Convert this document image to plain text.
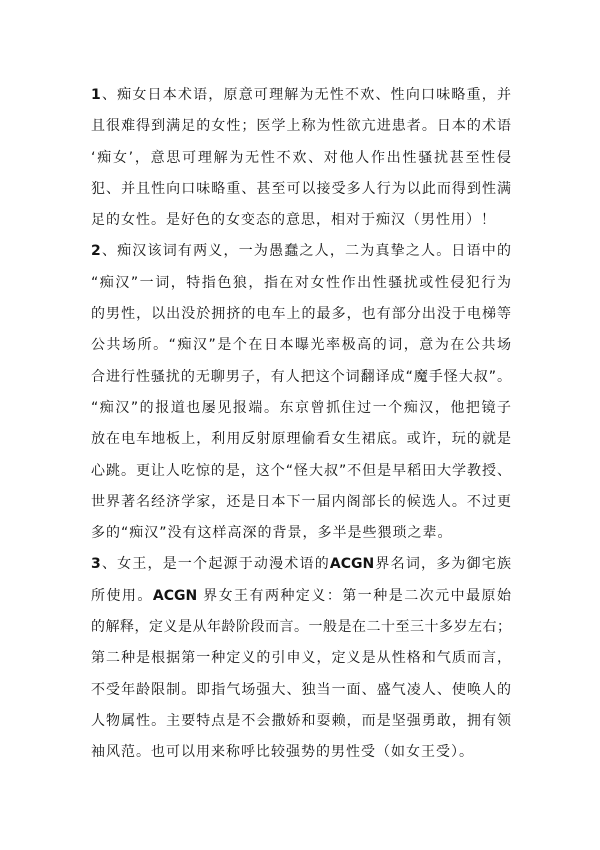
1、痴女日本术语，原意可理解为无性不欢、性向口味略重，并
且很难得到满足的女性；医学上称为性欲亢进患者。日本的术语
‘痴女’，意思可理解为无性不欢、对他人作出性骚扰甚至性侵
犯、并且性向口味略重、甚至可以接受多人行为以此而得到性满
足的女性。是好色的女变态的意思，相对于痴汉（男性用）！
2、痴汉该词有两义，一为愚蠢之人，二为真挚之人。日语中的
“痴汉”一词，特指色狼，指在对女性作出性骚扰或性侵犯行为
的男性，以出没於拥挤的电车上的最多，也有部分出没于电梯等
公共场所。“痴汉”是个在日本曝光率极高的词，意为在公共场
合进行性骚扰的无聊男子，有人把这个词翻译成“魔手怪大叔”。
“痴汉”的报道也屡见报端。东京曾抓住过一个痴汉，他把镜子
放在电车地板上，利用反射原理偷看女生裙底。或许，玩的就是
心跳。更让人吃惊的是，这个“怪大叔”不但是早稻田大学教授、
世界著名经济学家，还是日本下一届内阁部长的候选人。不过更
多的“痴汉”没有这样高深的背景，多半是些猥琐之辈。
3、女王，是一个起源于动漫术语的ACGN界名词，多为御宅族
所使用。ACGN 界女王有两种定义：第一种是二次元中最原始
的解释，定义是从年龄阶段而言。一般是在二十至三十多岁左右；
第二种是根据第一种定义的引申义，定义是从性格和气质而言，
不受年龄限制。即指气场强大、独当一面、盛气凌人、使唤人的
人物属性。主要特点是不会撒娇和耍赖，而是坚强勇敢，拥有领
袖风范。也可以用来称呼比较强势的男性受（如女王受）。
